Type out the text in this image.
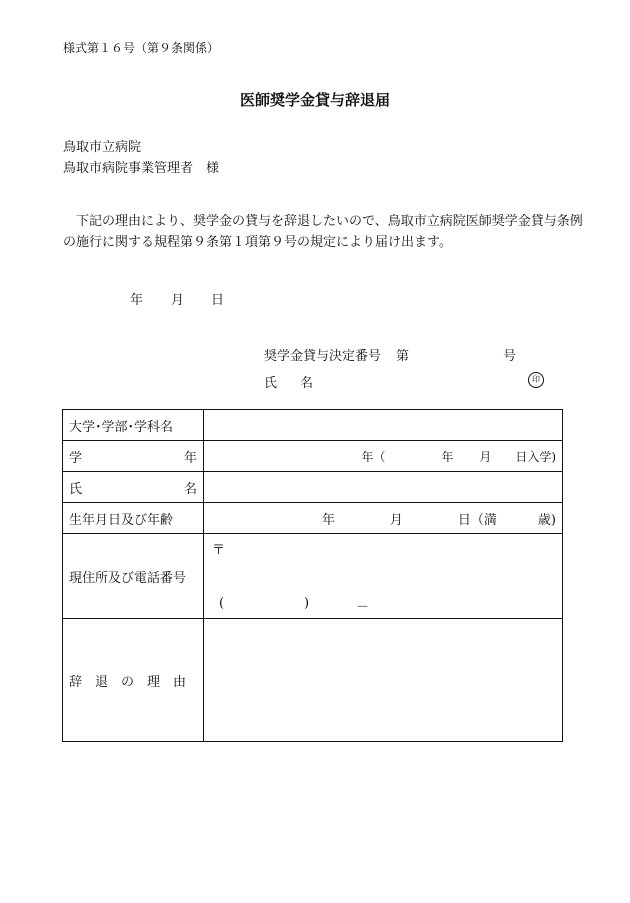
様式第１６号（第９条関係）
医師奨学金貸与辞退届
鳥取市立病院
鳥取市病院事業管理者　様
　下記の理由により、奨学金の貸与を辞退したいので、鳥取市立病院医師奨学金貸与条例の施行に関する規程第９条第１項第９号の規定により届け出ます。
年 月 日
奨学金貸与決定番号 第	号
氏 名	印
大学･学部･学科名	

学 年	年（ 年 月 日入学)

氏 名	

生年月日及び年齢	年 月 日（満 歳)

現住所及び電話番号	〒
( ) －

辞　退　の　理　由	
